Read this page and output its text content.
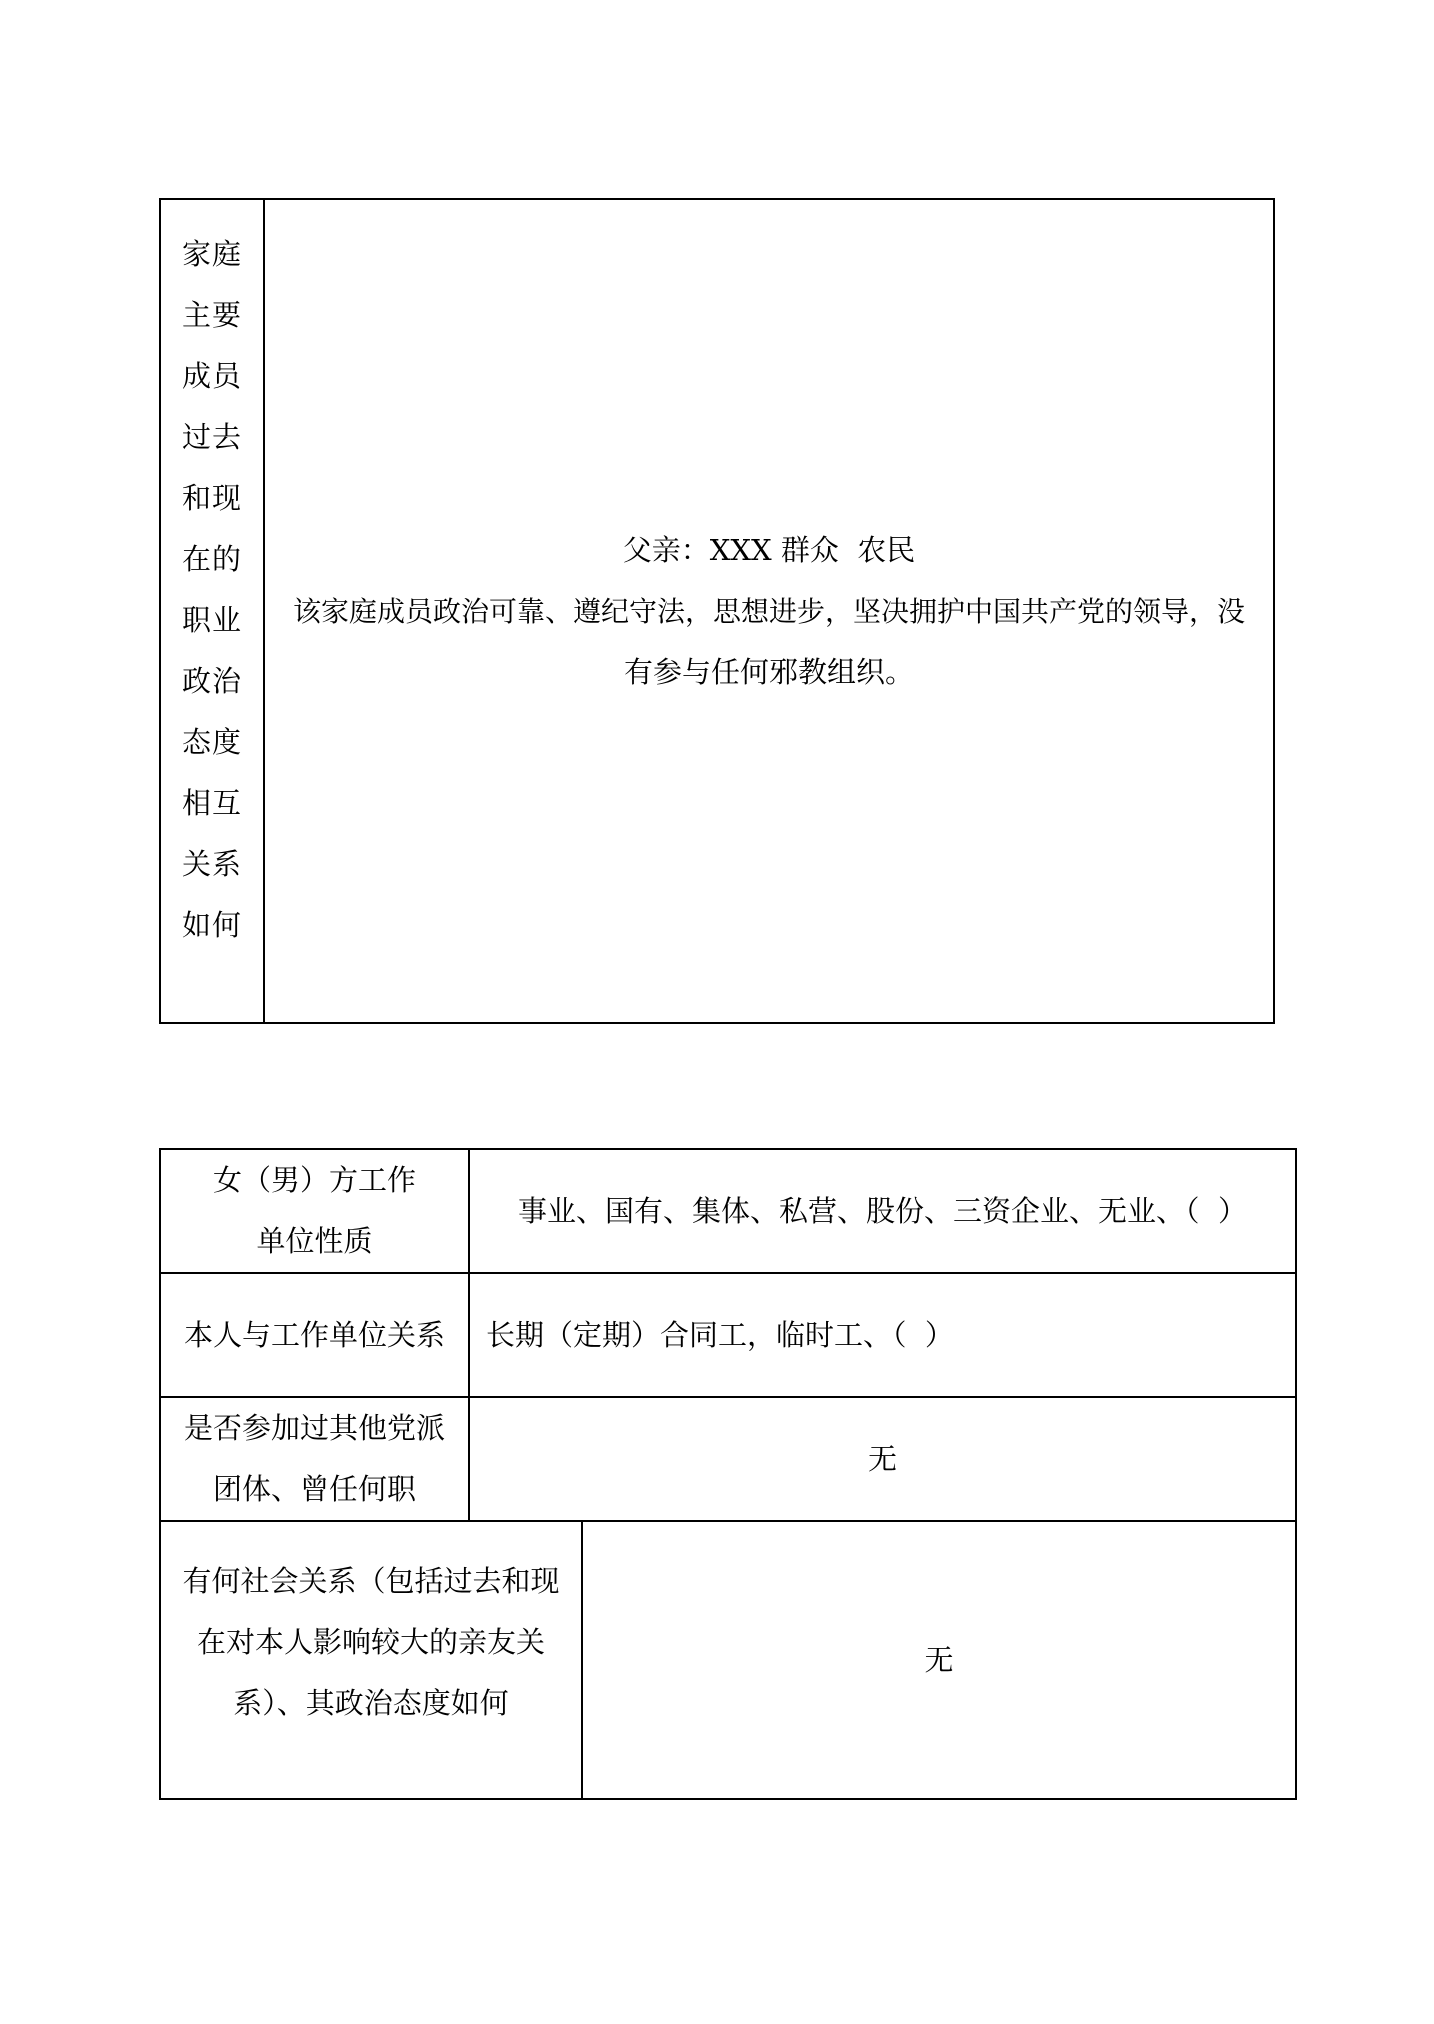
家庭
主要
成员
过去
和现
在的
职业
政治
态度
相互
关系
如何
父亲：XXX 群众  农民
该家庭成员政治可靠、遵纪守法，思想进步，坚决拥护中国共产党的领导，没
有参与任何邪教组织。
女（男）方工作
单位性质
事业、国有、集体、私营、股份、三资企业、无业、（  ）
本人与工作单位关系	长期（定期）合同工，临时工、（  ）
是否参加过其他党派
团体、曾任何职
无
有何社会关系（包括过去和现
在对本人影响较大的亲友关
系）、其政治态度如何
无
